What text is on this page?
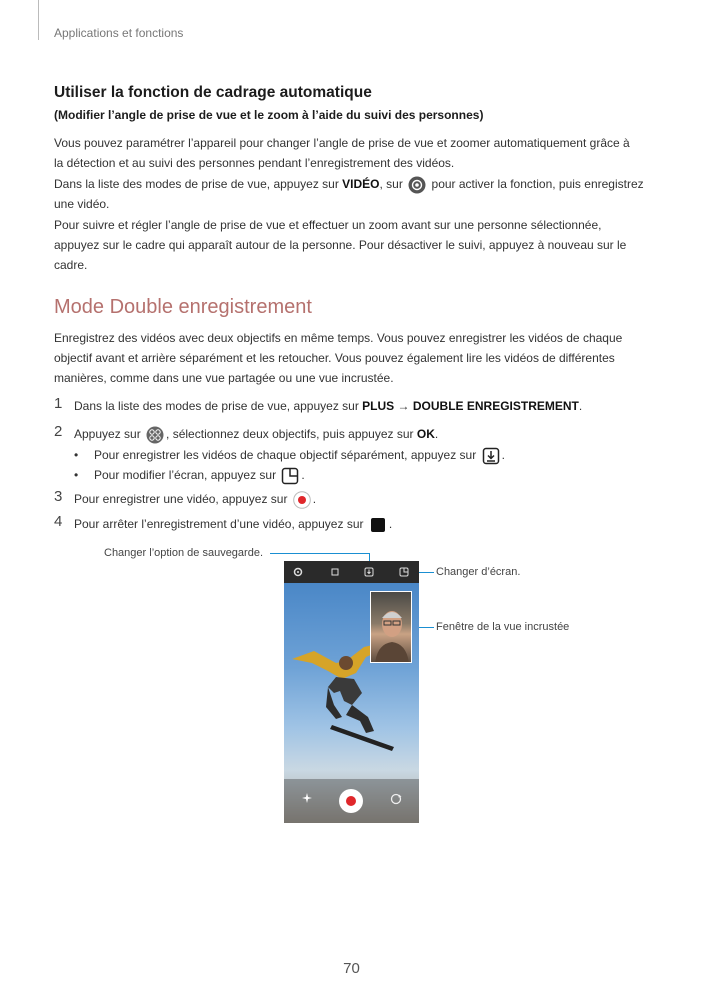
Applications et fonctions
Utiliser la fonction de cadrage automatique
(Modifier l’angle de prise de vue et le zoom à l’aide du suivi des personnes)
Vous pouvez paramétrer l’appareil pour changer l’angle de prise de vue et zoomer automatiquement grâce à
la détection et au suivi des personnes pendant l’enregistrement des vidéos.
Dans la liste des modes de prise de vue, appuyez sur VIDÉO, sur  pour activer la fonction, puis enregistrez
une vidéo.
Pour suivre et régler l’angle de prise de vue et effectuer un zoom avant sur une personne sélectionnée,
appuyez sur le cadre qui apparaît autour de la personne. Pour désactiver le suivi, appuyez à nouveau sur le
cadre.
Mode Double enregistrement
Enregistrez des vidéos avec deux objectifs en même temps. Vous pouvez enregistrer les vidéos de chaque
objectif avant et arrière séparément et les retoucher. Vous pouvez également lire les vidéos de différentes
manières, comme dans une vue partagée ou une vue incrustée.
1 Dans la liste des modes de prise de vue, appuyez sur PLUS → DOUBLE ENREGISTREMENT.
2 Appuyez sur , sélectionnez deux objectifs, puis appuyez sur OK.
• Pour enregistrer les vidéos de chaque objectif séparément, appuyez sur .
• Pour modifier l’écran, appuyez sur .
3 Pour enregistrer une vidéo, appuyez sur .
4 Pour arrêter l’enregistrement d’une vidéo, appuyez sur .
Changer l’option de sauvegarde.
Changer d’écran.
Fenêtre de la vue incrustée
70
